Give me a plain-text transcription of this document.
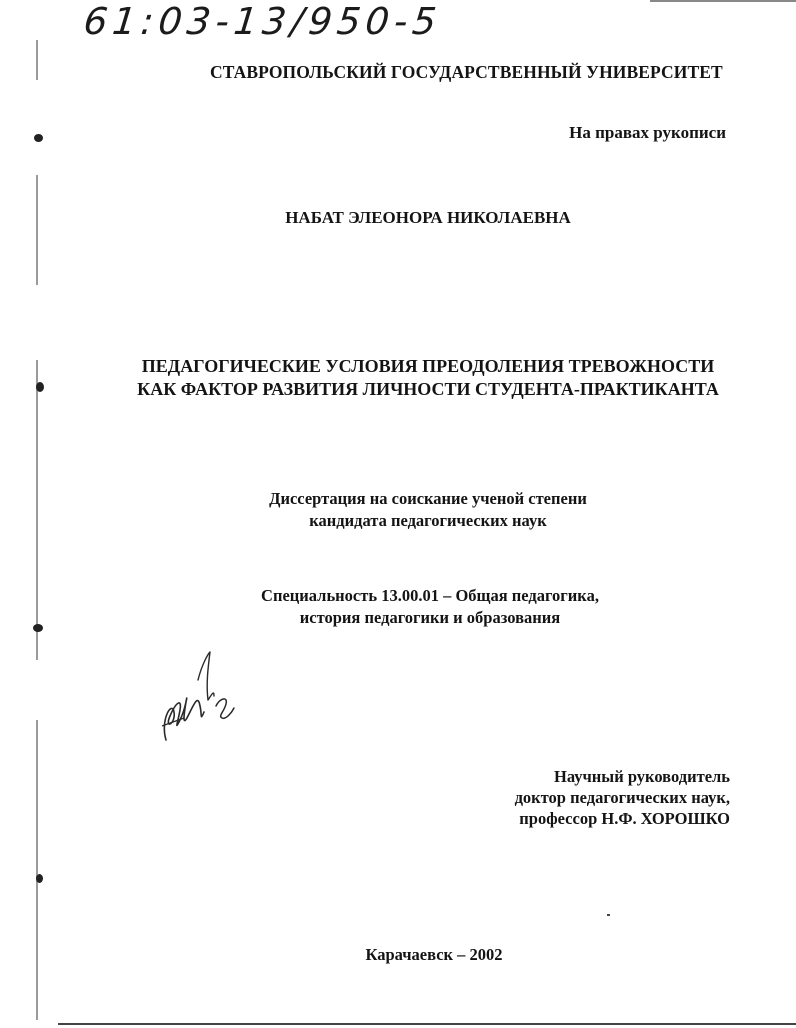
61:03-13/950-5
СТАВРОПОЛЬСКИЙ ГОСУДАРСТВЕННЫЙ УНИВЕРСИТЕТ
На правах рукописи
НАБАТ ЭЛЕОНОРА НИКОЛАЕВНА
ПЕДАГОГИЧЕСКИЕ УСЛОВИЯ ПРЕОДОЛЕНИЯ ТРЕВОЖНОСТИ
КАК ФАКТОР РАЗВИТИЯ ЛИЧНОСТИ СТУДЕНТА-ПРАКТИКАНТА
Диссертация на соискание ученой степени
кандидата педагогических наук
Специальность 13.00.01 – Общая педагогика,
история педагогики и образования
Научный руководитель
доктор педагогических наук,
профессор Н.Ф. ХОРОШКО
Карачаевск – 2002
